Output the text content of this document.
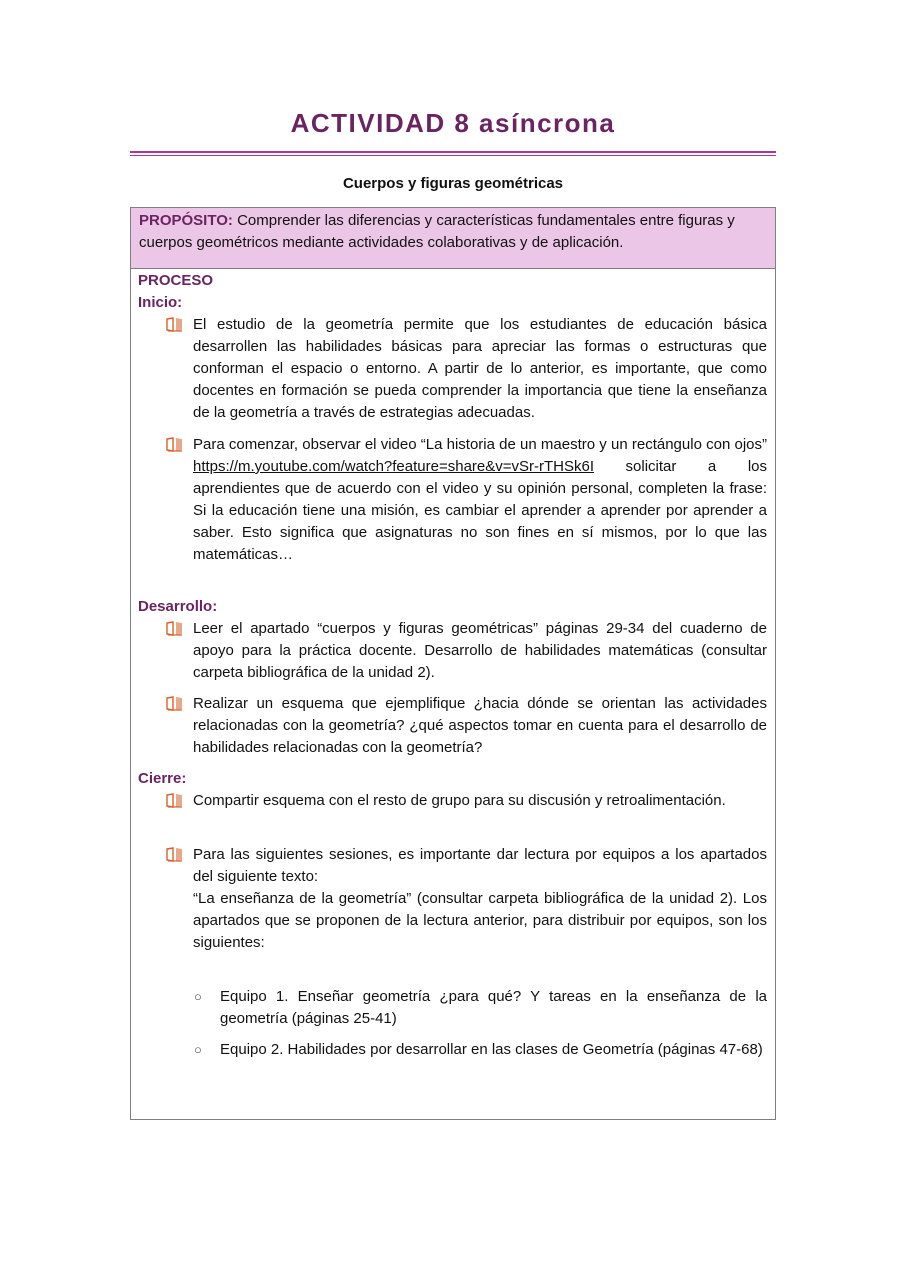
ACTIVIDAD 8 asíncrona
Cuerpos y figuras geométricas
PROPÓSITO: Comprender las diferencias y características fundamentales entre figuras y cuerpos geométricos mediante actividades colaborativas y de aplicación.
PROCESO
Inicio:
El estudio de la geometría permite que los estudiantes de educación básica desarrollen las habilidades básicas para apreciar las formas o estructuras que conforman el espacio o entorno. A partir de lo anterior, es importante, que como docentes en formación se pueda comprender la importancia que tiene la enseñanza de la geometría a través de estrategias adecuadas.
Para comenzar, observar el video “La historia de un maestro y un rectángulo con ojos” https://m.youtube.com/watch?feature=share&v=vSr-rTHSk6I solicitar a los aprendientes que de acuerdo con el video y su opinión personal, completen la frase: Si la educación tiene una misión, es cambiar el aprender a aprender por aprender a saber. Esto significa que asignaturas no son fines en sí mismos, por lo que las matemáticas…
Desarrollo:
Leer el apartado “cuerpos y figuras geométricas” páginas 29-34 del cuaderno de apoyo para la práctica docente. Desarrollo de habilidades matemáticas (consultar carpeta bibliográfica de la unidad 2).
Realizar un esquema que ejemplifique ¿hacia dónde se orientan las actividades relacionadas con la geometría? ¿qué aspectos tomar en cuenta para el desarrollo de habilidades relacionadas con la geometría?
Cierre:
Compartir esquema con el resto de grupo para su discusión y retroalimentación.
Para las siguientes sesiones, es importante dar lectura por equipos a los apartados del siguiente texto:
“La enseñanza de la geometría” (consultar carpeta bibliográfica de la unidad 2). Los apartados que se proponen de la lectura anterior, para distribuir por equipos, son los siguientes:
○ Equipo 1. Enseñar geometría ¿para qué? Y tareas en la enseñanza de la geometría (páginas 25-41)
○ Equipo 2. Habilidades por desarrollar en las clases de Geometría (páginas 47-68)
